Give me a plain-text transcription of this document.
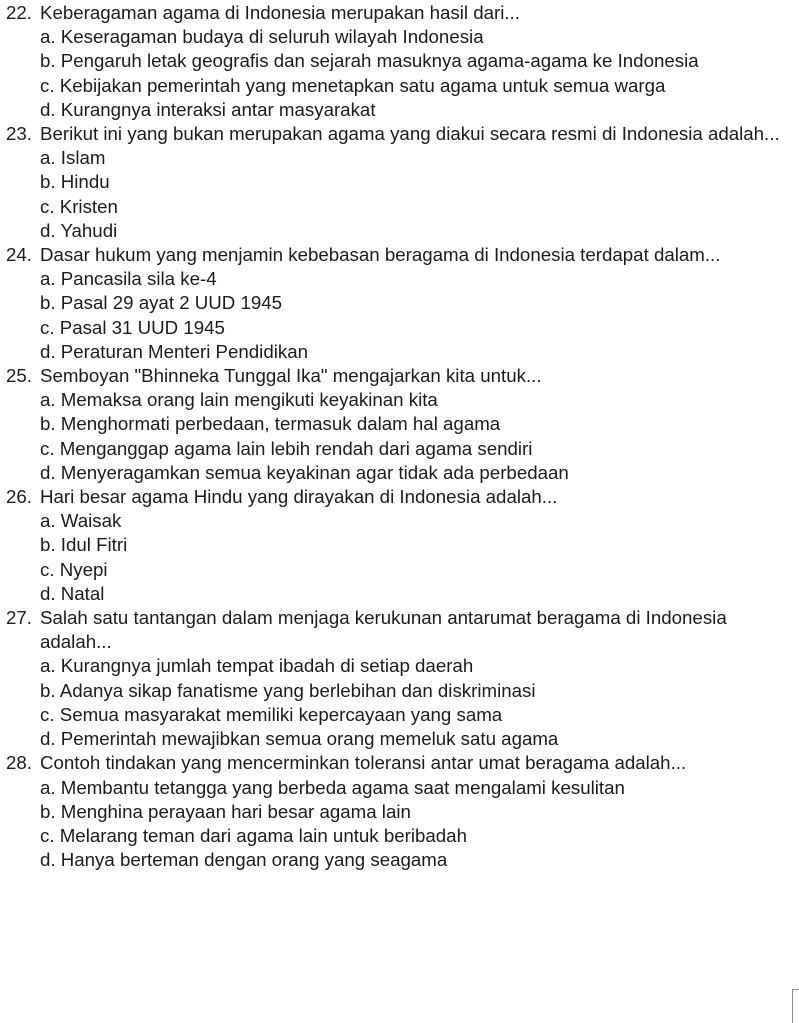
22. Keberagaman agama di Indonesia merupakan hasil dari...
a. Keseragaman budaya di seluruh wilayah Indonesia
b. Pengaruh letak geografis dan sejarah masuknya agama-agama ke Indonesia
c. Kebijakan pemerintah yang menetapkan satu agama untuk semua warga
d. Kurangnya interaksi antar masyarakat
23. Berikut ini yang bukan merupakan agama yang diakui secara resmi di Indonesia adalah...
a. Islam
b. Hindu
c. Kristen
d. Yahudi
24. Dasar hukum yang menjamin kebebasan beragama di Indonesia terdapat dalam...
a. Pancasila sila ke-4
b. Pasal 29 ayat 2 UUD 1945
c. Pasal 31 UUD 1945
d. Peraturan Menteri Pendidikan
25. Semboyan "Bhinneka Tunggal Ika" mengajarkan kita untuk...
a. Memaksa orang lain mengikuti keyakinan kita
b. Menghormati perbedaan, termasuk dalam hal agama
c. Menganggap agama lain lebih rendah dari agama sendiri
d. Menyeragamkan semua keyakinan agar tidak ada perbedaan
26. Hari besar agama Hindu yang dirayakan di Indonesia adalah...
a. Waisak
b. Idul Fitri
c. Nyepi
d. Natal
27. Salah satu tantangan dalam menjaga kerukunan antarumat beragama di Indonesia adalah...
a. Kurangnya jumlah tempat ibadah di setiap daerah
b. Adanya sikap fanatisme yang berlebihan dan diskriminasi
c. Semua masyarakat memiliki kepercayaan yang sama
d. Pemerintah mewajibkan semua orang memeluk satu agama
28. Contoh tindakan yang mencerminkan toleransi antar umat beragama adalah...
a. Membantu tetangga yang berbeda agama saat mengalami kesulitan
b. Menghina perayaan hari besar agama lain
c. Melarang teman dari agama lain untuk beribadah
d. Hanya berteman dengan orang yang seagama
